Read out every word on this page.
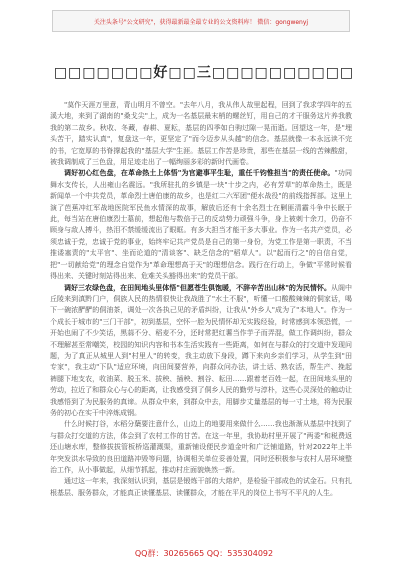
关注头条号"公文研究"，获得最新最全最专业的公文资料库！ 微信：gongwenyj
□□□□□□□好□□三□□□□□□□□□□

"莫作天涯万里意，青山明月不曾空。"去年八月，我从伟人故里起程，回到了我求学四年的五溪大地，来到了湖南的"桑戈尖"上，成为一名基层最末梢的螺丝钉，用自己的才干服务这片养我教我的第二故乡。秋收、冬藏，春耕、夏耘，基层的四季如白驹过隙一晃而逝。回望这一年，是"埋头苦干，踏实认真"，复盘这一年，更坚定了"而今迈步从头越"的信念。基层就像一本永远读不完的书，它宽厚的书脊撑起我的"基层大学"生涯。基层工作苦是珍贵，那些在基层一线的苦辣酸甜，被我调制成了三色盘，用足迹走出了一幅绚丽多彩的新时代画卷。

调好初心红色盘，在革命热土上体悟"为官避事平生耻，重任千钧惟担当"的责任使命。"功同舞水支传长，人出雍山名震远。"我所驻扎的乡镇是一块"十步之内，必有芳草"的革命热土，既是新闻单一个中共党员，革命烈士唐伯康的故乡，也是红二六军团"便水战役"的前线指挥部。这里上演了芭蕉冲红军战地医院军民鱼水情深的故事，解放后还有十余名烈士在剿匪清霸斗争中长眠于此，每当站在唐伯康烈士墓前，想起他与数倍于己的反动势力顽强斗争，身上被刺十余刀，仍奋不顾身与敌人搏斗，热泪不禁缓缓流出了眼眶。有多大担当才能干多大事业。作为一名共产党员，必须忠诚于党，忠诚于党的事业，始终牢记共产党员是自己的第一身份，为党工作是第一职责，不当推诿塞责的"太平官"、坐而论道的"清谈客"、缺乏信念的"稻草人"。以"起而行之"的自信自觉，把"一切献给党"的理念自觉作为"革命理想高于天"的理想信念。践行在行动上，争做"平常时候看得出来、关键时刻站得出来、危难关头豁得出来"的党员干部。

调好三农绿色盘，在田间地头里体悟"但愿苍生俱饱暖，不辞辛苦出山林"的为民情怀。从阁中丘陵来到滇黔门户，侗族人民的热情很快让我战胜了"水土不服"，听懂一口酸酸辣辣的侗家话，喝下一碗浓酽酽的侗油茶，调处一次各执己见的矛盾纠纷，让我从"外乡人"成为了"本地人"。作为一个成长于城市的"三门干部"，初到基层，空怀一腔为民情怀却无实践经验，时常感到本领恐慌，一开始也闹了不少笑话，黑蒜不分、稻麦不分，还时常把红薯当作芋子而弄混，做工作调纠纷，群众不理解甚至常嘲笑，校园的知识内容和书本生活实践有一些距离，如何在与群众的打交道中发现问题，为了真正从城里人到"村里人"的转变，我主动放下身段，蹲下来向乡亲们学习，从学生到"田专家"，我主动"下队"适应环境，向田间要营养，向群众问办法，讲土话、熟农活，帮生产、挽起裤腿下地支农，收油菜、脱玉米、拔秧、插秧、割谷、耘田……跟着老百姓一起，在田间地头里的劳动，拉近了和群众心与心的距离，让我感受到了侗乡人民的勤劳与淳朴，这些心灵深处的触动让我感悟到了为民服务的真谛。从群众中来，到群众中去，用脚步丈量基层的每一寸土地，将为民服务的初心在实干中淬炼成钢。

什么时候打谷，水稻分蘖要注意什么，山边上的地要用来做什么……我也渐渐从基层中找到了与群众打交道的方法，体会到了农村工作的甘苦。在这一年里，我协助村里开展了"两委"和税费返还山塘水库，整修拔拔管板桥巡灌溉渠，重新铺设便民步道金叶和广泛铺道路，针对2022年上半年突发洪水导致的良田道路冲毁等问题，协调相关单位妥善处置，同时还积极参与农村人居环境整治工作，从小事做起，从细节抓起，推动村庄面貌焕然一新。

通过这一年来，我深刻认识到，基层是锻炼干部的大熔炉，是检验干部成色的试金石。只有扎根基层、服务群众，才能真正读懂基层、读懂群众，才能在平凡的岗位上书写不平凡的人生。

QQ群：30265665 QQ：535304092
